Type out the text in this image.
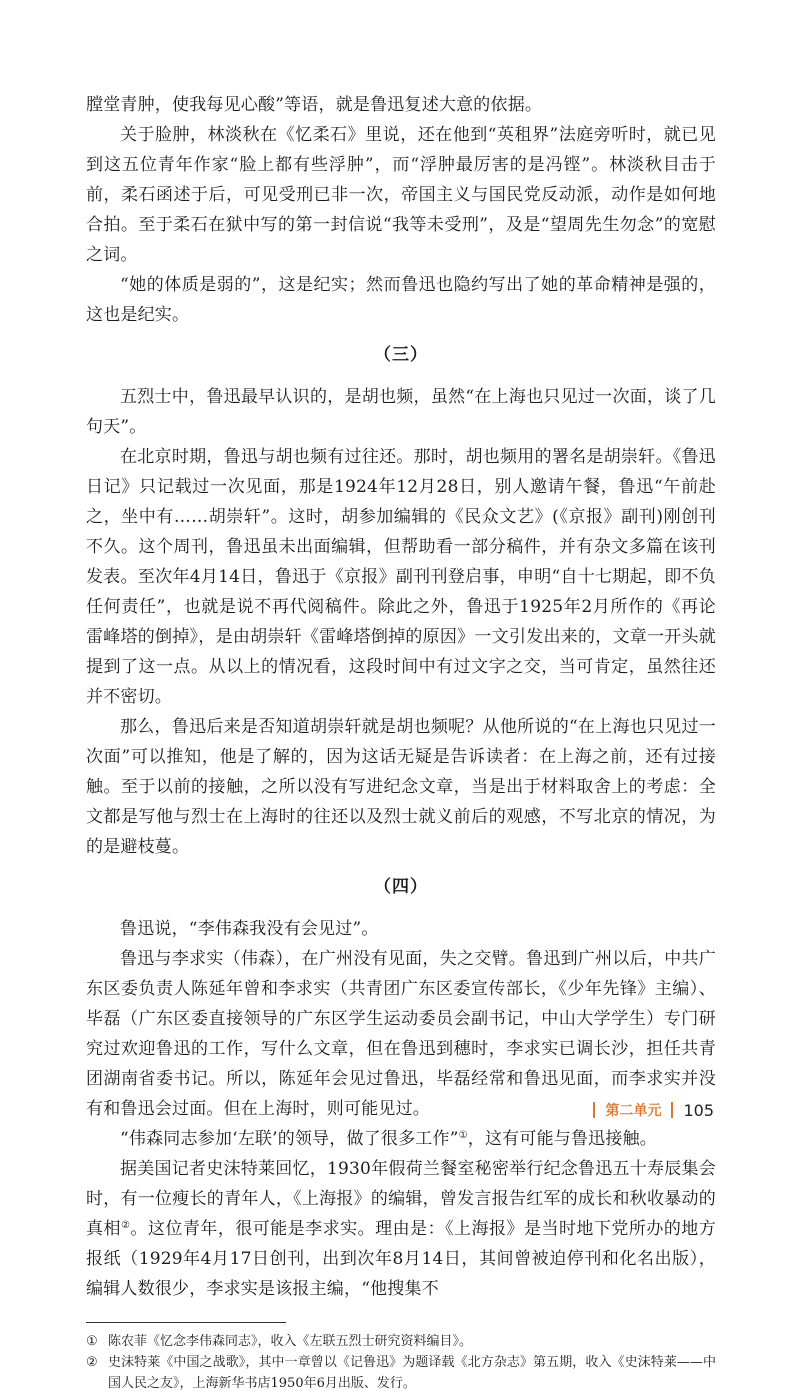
膛堂青肿，使我每见心酸”等语，就是鲁迅复述大意的依据。

关于脸肿，林淡秋在《忆柔石》里说，还在他到“英租界”法庭旁听时，就已见到这五位青年作家“脸上都有些浮肿”，而“浮肿最厉害的是冯铿”。林淡秋目击于前，柔石函述于后，可见受刑已非一次，帝国主义与国民党反动派，动作是如何地合拍。至于柔石在狱中写的第一封信说“我等未受刑”，及是“望周先生勿念”的宽慰之词。

“她的体质是弱的”，这是纪实；然而鲁迅也隐约写出了她的革命精神是强的，这也是纪实。

（三）

五烈士中，鲁迅最早认识的，是胡也频，虽然“在上海也只见过一次面，谈了几句天”。

在北京时期，鲁迅与胡也频有过往还。那时，胡也频用的署名是胡崇轩。《鲁迅日记》只记载过一次见面，那是1924年12月28日，别人邀请午餐，鲁迅“午前赴之，坐中有……胡崇轩”。这时，胡参加编辑的《民众文艺》(《京报》副刊)刚创刊不久。这个周刊，鲁迅虽未出面编辑，但帮助看一部分稿件，并有杂文多篇在该刊发表。至次年4月14日，鲁迅于《京报》副刊刊登启事，申明“自十七期起，即不负任何责任”，也就是说不再代阅稿件。除此之外，鲁迅于1925年2月所作的《再论雷峰塔的倒掉》，是由胡崇轩《雷峰塔倒掉的原因》一文引发出来的，文章一开头就提到了这一点。从以上的情况看，这段时间中有过文字之交，当可肯定，虽然往还并不密切。

那么，鲁迅后来是否知道胡崇轩就是胡也频呢？从他所说的“在上海也只见过一次面”可以推知，他是了解的，因为这话无疑是告诉读者：在上海之前，还有过接触。至于以前的接触，之所以没有写进纪念文章，当是出于材料取舍上的考虑：全文都是写他与烈士在上海时的往还以及烈士就义前后的观感，不写北京的情况，为的是避枝蔓。

（四）

鲁迅说，“李伟森我没有会见过”。

鲁迅与李求实（伟森），在广州没有见面，失之交臂。鲁迅到广州以后，中共广东区委负责人陈延年曾和李求实（共青团广东区委宣传部长，《少年先锋》主编）、毕磊（广东区委直接领导的广东区学生运动委员会副书记，中山大学学生）专门研究过欢迎鲁迅的工作，写什么文章，但在鲁迅到穗时，李求实已调长沙，担任共青团湖南省委书记。所以，陈延年会见过鲁迅，毕磊经常和鲁迅见面，而李求实并没有和鲁迅会过面。但在上海时，则可能见过。

“伟森同志参加‘左联’的领导，做了很多工作”①，这有可能与鲁迅接触。

据美国记者史沫特莱回忆，1930年假荷兰餐室秘密举行纪念鲁迅五十寿辰集会时，有一位瘦长的青年人，《上海报》的编辑，曾发言报告红军的成长和秋收暴动的真相②。这位青年，很可能是李求实。理由是：《上海报》是当时地下党所办的地方报纸（1929年4月17日创刊，出到次年8月14日，其间曾被迫停刊和化名出版），编辑人数很少，李求实是该报主编，“他搜集不

① 陈农菲《忆念李伟森同志》，收入《左联五烈士研究资料编目》。
② 史沫特莱《中国之战歌》，其中一章曾以《记鲁迅》为题译载《北方杂志》第五期，收入《史沫特莱——中国人民之友》，上海新华书店1950年6月出版、发行。
第二单元 105
